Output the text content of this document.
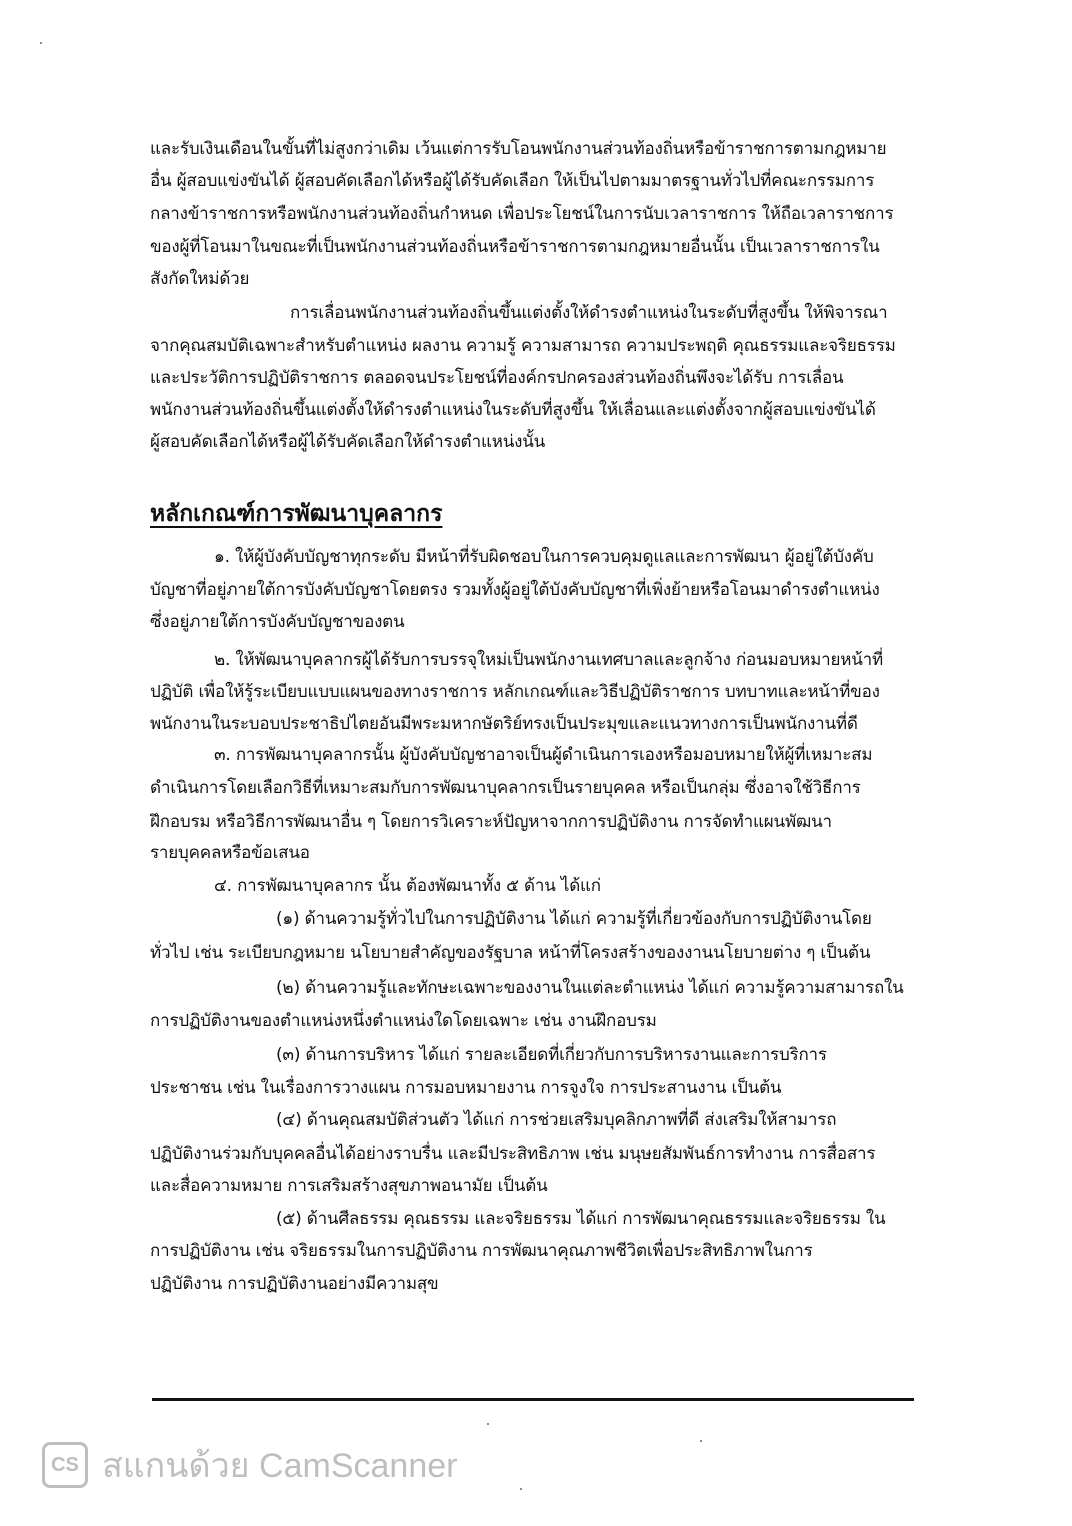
และรับเงินเดือนในขั้นที่ไม่สูงกว่าเดิม เว้นแต่การรับโอนพนักงานส่วนท้องถิ่นหรือข้าราชการตามกฎหมาย
อื่น ผู้สอบแข่งขันได้ ผู้สอบคัดเลือกได้หรือผู้ได้รับคัดเลือก ให้เป็นไปตามมาตรฐานทั่วไปที่คณะกรรมการ
กลางข้าราชการหรือพนักงานส่วนท้องถิ่นกำหนด เพื่อประโยชน์ในการนับเวลาราชการ ให้ถือเวลาราชการ
ของผู้ที่โอนมาในขณะที่เป็นพนักงานส่วนท้องถิ่นหรือข้าราชการตามกฎหมายอื่นนั้น เป็นเวลาราชการใน
สังกัดใหม่ด้วย
การเลื่อนพนักงานส่วนท้องถิ่นขึ้นแต่งตั้งให้ดำรงตำแหน่งในระดับที่สูงขึ้น ให้พิจารณา
จากคุณสมบัติเฉพาะสำหรับตำแหน่ง ผลงาน ความรู้ ความสามารถ ความประพฤติ คุณธรรมและจริยธรรม
และประวัติการปฏิบัติราชการ ตลอดจนประโยชน์ที่องค์กรปกครองส่วนท้องถิ่นพึงจะได้รับ การเลื่อน
พนักงานส่วนท้องถิ่นขึ้นแต่งตั้งให้ดำรงตำแหน่งในระดับที่สูงขึ้น ให้เลื่อนและแต่งตั้งจากผู้สอบแข่งขันได้
ผู้สอบคัดเลือกได้หรือผู้ได้รับคัดเลือกให้ดำรงตำแหน่งนั้น
หลักเกณฑ์การพัฒนาบุคลากร
๑. ให้ผู้บังคับบัญชาทุกระดับ มีหน้าที่รับผิดชอบในการควบคุมดูแลและการพัฒนา ผู้อยู่ใต้บังคับ
บัญชาที่อยู่ภายใต้การบังคับบัญชาโดยตรง รวมทั้งผู้อยู่ใต้บังคับบัญชาที่เพิ่งย้ายหรือโอนมาดำรงตำแหน่ง
ซึ่งอยู่ภายใต้การบังคับบัญชาของตน
๒. ให้พัฒนาบุคลากรผู้ได้รับการบรรจุใหม่เป็นพนักงานเทศบาลและลูกจ้าง ก่อนมอบหมายหน้าที่
ปฏิบัติ เพื่อให้รู้ระเบียบแบบแผนของทางราชการ หลักเกณฑ์และวิธีปฏิบัติราชการ บทบาทและหน้าที่ของ
พนักงานในระบอบประชาธิปไตยอันมีพระมหากษัตริย์ทรงเป็นประมุขและแนวทางการเป็นพนักงานที่ดี
๓. การพัฒนาบุคลากรนั้น ผู้บังคับบัญชาอาจเป็นผู้ดำเนินการเองหรือมอบหมายให้ผู้ที่เหมาะสม
ดำเนินการโดยเลือกวิธีที่เหมาะสมกับการพัฒนาบุคลากรเป็นรายบุคคล หรือเป็นกลุ่ม ซึ่งอาจใช้วิธีการ
ฝึกอบรม หรือวิธีการพัฒนาอื่น ๆ โดยการวิเคราะห์ปัญหาจากการปฏิบัติงาน การจัดทำแผนพัฒนา
รายบุคคลหรือข้อเสนอ
๔. การพัฒนาบุคลากร นั้น ต้องพัฒนาทั้ง ๕ ด้าน ได้แก่
(๑) ด้านความรู้ทั่วไปในการปฏิบัติงาน ได้แก่ ความรู้ที่เกี่ยวข้องกับการปฏิบัติงานโดย
ทั่วไป เช่น ระเบียบกฎหมาย นโยบายสำคัญของรัฐบาล หน้าที่โครงสร้างของงานนโยบายต่าง ๆ เป็นต้น
(๒) ด้านความรู้และทักษะเฉพาะของงานในแต่ละตำแหน่ง ได้แก่ ความรู้ความสามารถใน
การปฏิบัติงานของตำแหน่งหนึ่งตำแหน่งใดโดยเฉพาะ เช่น งานฝึกอบรม
(๓) ด้านการบริหาร ได้แก่ รายละเอียดที่เกี่ยวกับการบริหารงานและการบริการ
ประชาชน เช่น ในเรื่องการวางแผน การมอบหมายงาน การจูงใจ การประสานงาน เป็นต้น
(๔) ด้านคุณสมบัติส่วนตัว ได้แก่ การช่วยเสริมบุคลิกภาพที่ดี ส่งเสริมให้สามารถ
ปฏิบัติงานร่วมกับบุคคลอื่นได้อย่างราบรื่น และมีประสิทธิภาพ เช่น มนุษยสัมพันธ์การทำงาน การสื่อสาร
และสื่อความหมาย การเสริมสร้างสุขภาพอนามัย เป็นต้น
(๕) ด้านศีลธรรม คุณธรรม และจริยธรรม ได้แก่ การพัฒนาคุณธรรมและจริยธรรม ใน
การปฏิบัติงาน เช่น จริยธรรมในการปฏิบัติงาน การพัฒนาคุณภาพชีวิตเพื่อประสิทธิภาพในการ
ปฏิบัติงาน การปฏิบัติงานอย่างมีความสุข
CS สแกนด้วย CamScanner
